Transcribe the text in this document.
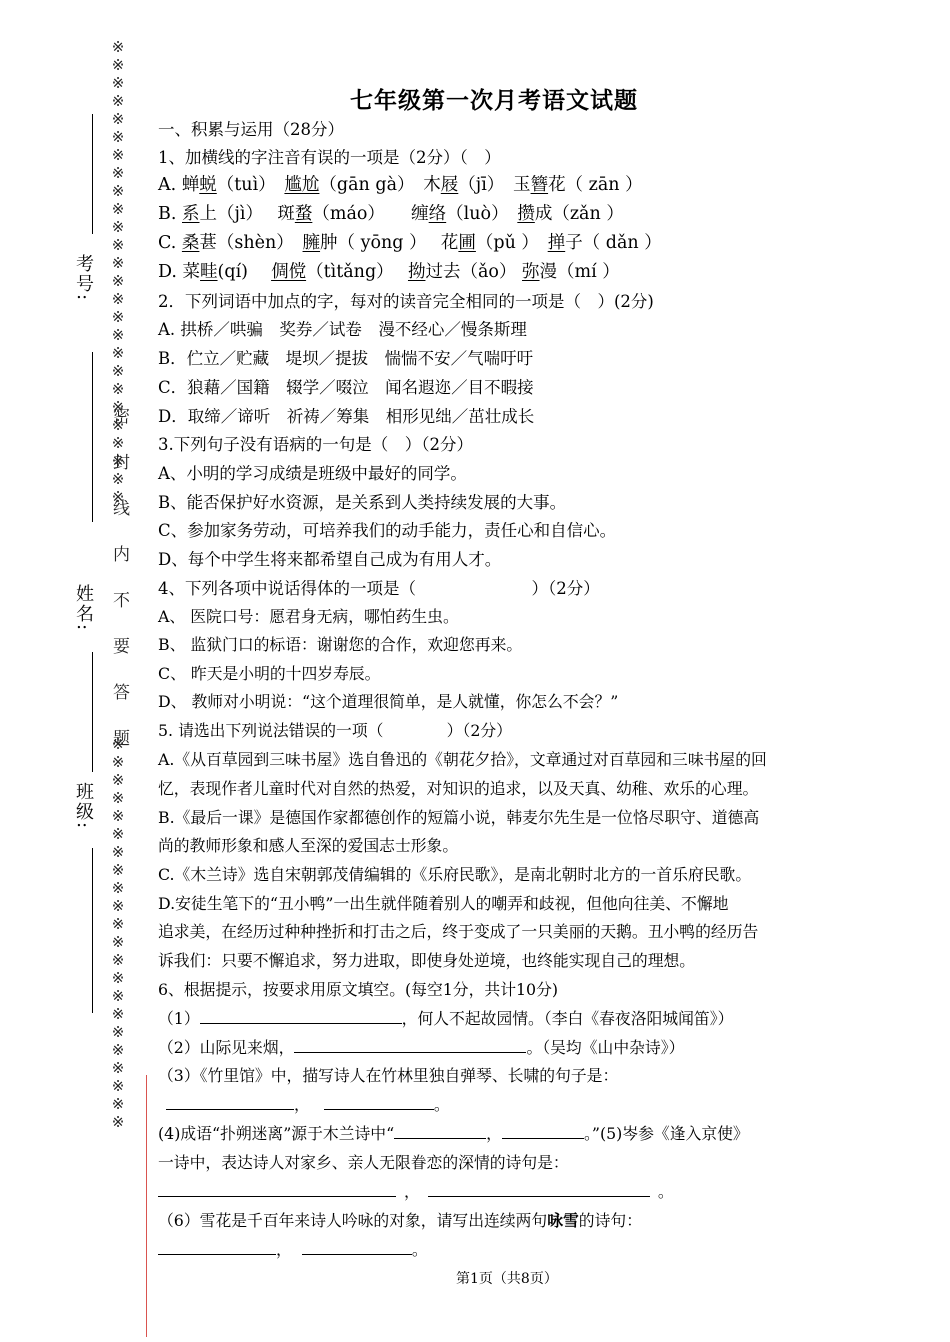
※※※※※※※※※※※※※※※※※※※※※※※※※※
考号:
姓名:
班级:
密　封　线　内　不　要　答　题
※※※※※※※※※※※※※※※※※※※※※※
七年级第一次月考语文试题
一、积累与运用（28分）
1、加横线的字注音有误的一项是（2分）（　）
A. 蝉蜕（tuì）　尴尬（gān gà）　木屐（jī）　玉簪花（ zān ）
B. 系上（jì）　 斑蝥（máo）　　缠络（luò）　攒成（zǎn ）
C. 桑葚（shèn）　臃肿（ yōng ）　 花圃（pǔ ）　掸子（ dǎn ）
D. 菜畦(qí)　 倜傥（tìtǎng）　 拗过去（ǎo） 弥漫（mí ）
2．下列词语中加点的字，每对的读音完全相同的一项是（　）(2分)
A. 拱桥／哄骗　奖券／试卷　漫不经心／慢条斯理
B．伫立／贮藏　堤坝／提拔　惴惴不安／气喘吁吁
C．狼藉／国籍　辍学／啜泣　闻名遐迩／目不暇接
D．取缔／谛听　祈祷／筹集　相形见绌／茁壮成长
3.下列句子没有语病的一句是（　）（2分）
A、小明的学习成绩是班级中最好的同学。
B、能否保护好水资源，是关系到人类持续发展的大事。
C、参加家务劳动，可培养我们的动手能力，责任心和自信心。
D、每个中学生将来都希望自己成为有用人才。
4、下列各项中说话得体的一项是（　　　　　　　）（2分）
A、 医院口号：愿君身无病，哪怕药生虫。
B、 监狱门口的标语：谢谢您的合作，欢迎您再来。
C、 昨天是小明的十四岁寿辰。
D、 教师对小明说：“这个道理很简单，是人就懂，你怎么不会？”
5. 请选出下列说法错误的一项（　　　　）（2分）
A.《从百草园到三味书屋》选自鲁迅的《朝花夕拾》，文章通过对百草园和三味书屋的回
忆，表现作者儿童时代对自然的热爱，对知识的追求，以及天真、幼稚、欢乐的心理。
B.《最后一课》是德国作家都德创作的短篇小说，韩麦尔先生是一位恪尽职守、道德高
尚的教师形象和感人至深的爱国志士形象。
C.《木兰诗》选自宋朝郭茂倩编辑的《乐府民歌》，是南北朝时北方的一首乐府民歌。
D.安徒生笔下的“丑小鸭”一出生就伴随着别人的嘲弄和歧视，但他向往美、不懈地
追求美，在经历过种种挫折和打击之后，终于变成了一只美丽的天鹅。丑小鸭的经历告
诉我们：只要不懈追求，努力进取，即使身处逆境，也终能实现自己的理想。
6、根据提示，按要求用原文填空。(每空1分，共计10分)
（1）	，何人不起故园情。（李白《春夜洛阳城闻笛》）
（2）山际见来烟，	。（吴均《山中杂诗》）
（3）《竹里馆》中，描写诗人在竹林里独自弹琴、长啸的句子是：
，	。
(4)成语“扑朔迷离”源于木兰诗中“	，	。”(5)岑参《逢入京使》
一诗中，表达诗人对家乡、亲人无限眷恋的深情的诗句是：
，	。
（6）雪花是千百年来诗人吟咏的对象，请写出连续两句咏雪的诗句：
，	。
第1页（共8页）
